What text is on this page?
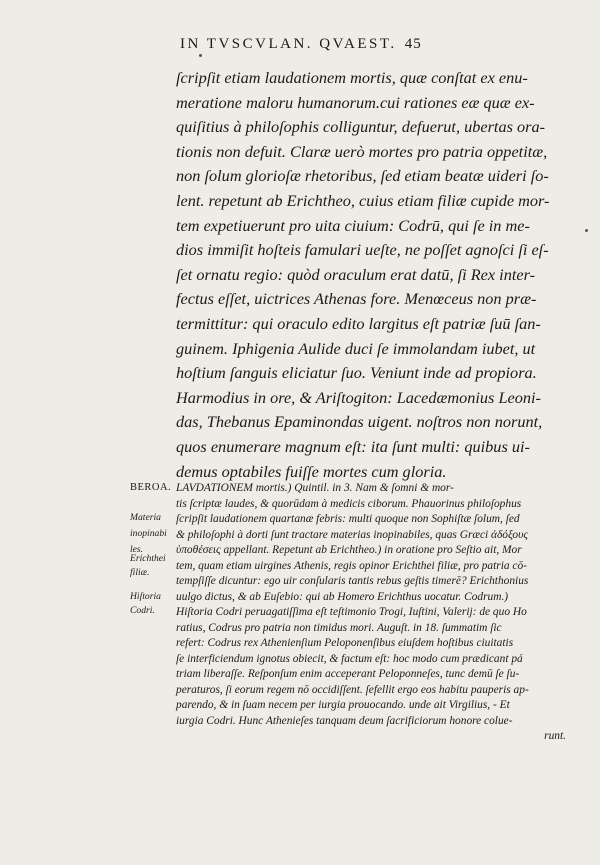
IN TVSCVLAN. QVAEST. 45
ſcripſit etiam laudationem mortis, quæ conſtat ex enu-
meratione maloru humanorum.cui rationes eæ quæ ex-
quiſitius à philoſophis colliguntur, defuerut, ubertas ora-
tionis non defuit. Claræ uerò mortes pro patria oppetitæ,
non ſolum glorioſæ rhetoribus, ſed etiam beatæ uideri ſo-
lent. repetunt ab Erichtheo, cuius etiam filiæ cupide mor-
tem expetiuerunt pro uita ciuium: Codrū, qui ſe in me-
dios immiſit hoſteis famulari ueſte, ne poſſet agnoſci ſi eſ-
ſet ornatu regio: quòd oraculum erat datū, ſi Rex inter-
fectus eſſet, uictrices Athenas fore. Menœceus non præ-
termittitur: qui oraculo edito largitus eſt patriæ ſuū ſan-
guinem. Iphigenia Aulide duci ſe immolandam iubet, ut
hoſtium ſanguis eliciatur ſuo. Veniunt inde ad propiora.
Harmodius in ore, & Ariſtogiton: Lacedæmonius Leoni-
das, Thebanus Epaminondas uigent. noſtros non norunt,
quos enumerare magnum eſt: ita ſunt multi: quibus ui-
demus optabiles fuiſſe mortes cum gloria.
BEROA.
Materia
inopinabi
les.
Erichthei
filiæ.
Hiſtoria
Codri.
LAVDATIONEM mortis.) Quintil. in 3. Nam & ſomni & mor-
tis ſcriptæ laudes, & quorūdam à medicis ciborum. Phauorinus philoſophus
ſcripſit laudationem quartanæ febris: multi quoque non Sophiſtæ ſolum, ſed
& philoſophi à dorti ſunt tractare materias inopinabiles, quas Græci ἀδόξους
ὑποθέσεις appellant. Repetunt ab Erichtheo.) in oratione pro Seſtio ait, Mor
tem, quam etiam uirgines Athenis, regis opinor Erichthei filiæ, pro patria cō-
tempſiſſe dicuntur: ego uir conſularis tantis rebus geſtis timerē? Erichthonius
uulgo dictus, & ab Euſebio: qui ab Homero Erichthus uocatur. Codrum.)
Hiſtoria Codri peruagatiſſima eſt teſtimonio Trogi, Iuſtini, Valerij: de quo Ho
ratius, Codrus pro patria non timidus mori. Auguſt. in 18. ſummatim ſic
refert: Codrus rex Athenienſium Peloponenſibus eiuſdem hoſtibus ciuitatis
ſe interficiendum ignotus obiecit, & factum eſt: hoc modo cum prædicant pá
triam liberaſſe. Reſponſum enim acceperant Peloponneſes, tunc demū ſe ſu-
peraturos, ſi eorum regem nō occidiſſent. ſefellit ergo eos habitu pauperis ap-
parendo, & in ſuam necem per iurgia prouocando. unde ait Virgilius, - Et
iurgia Codri. Hunc Athenieſes tanquam deum ſacrificiorum honore colue-
runt.
